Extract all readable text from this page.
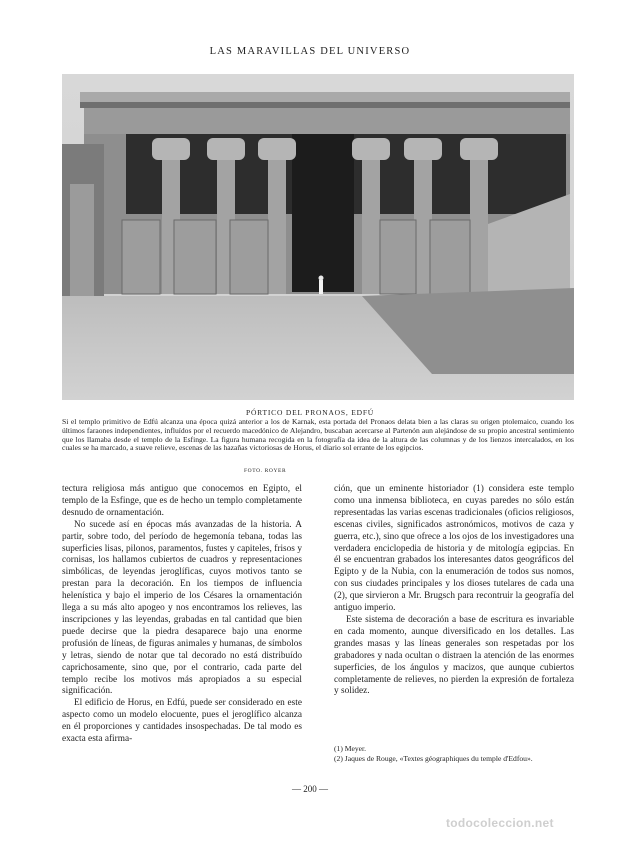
LAS MARAVILLAS DEL UNIVERSO
PÓRTICO DEL PRONAOS, EDFÚ
Si el templo primitivo de Edfú alcanza una época quizá anterior a los de Karnak, esta portada del Pronaos delata bien a las claras su origen ptolemaico, cuando los últimos faraones independientes, influídos por el recuerdo macedónico de Alejandro, buscaban acercarse al Partenón aun alejándose de su propio ancestral sentimiento que los llamaba desde el templo de la Esfinge. La figura humana recogida en la fotografía da idea de la altura de las columnas y de los lienzos intercalados, en los cuales se ha marcado, a suave relieve, escenas de las hazañas victoriosas de Horus, el diario sol errante de los egipcios.
FOTO. ROYER

tectura religiosa más antiguo que conocemos en Egipto, el templo de la Esfinge, que es de hecho un templo completamente desnudo de ornamentación.

No sucede así en épocas más avanzadas de la historia. A partir, sobre todo, del período de hegemonía tebana, todas las superficies lisas, pilonos, paramentos, fustes y capiteles, frisos y cornisas, los hallamos cubiertos de cuadros y representaciones simbólicas, de leyendas jeroglíficas, cuyos motivos tanto se prestan para la decoración. En los tiempos de influencia helenística y bajo el imperio de los Césares la ornamentación llega a su más alto apogeo y nos encontramos los relieves, las inscripciones y las leyendas, grabadas en tal cantidad que bien puede decirse que la piedra desaparece bajo una enorme profusión de líneas, de figuras animales y humanas, de símbolos y letras, siendo de notar que tal decorado no está distribuído caprichosamente, sino que, por el contrario, cada parte del templo recibe los motivos más apropiados a su especial significación.

El edificio de Horus, en Edfú, puede ser considerado en este aspecto como un modelo elocuente, pues el jeroglífico alcanza en él proporciones y cantidades insospechadas. De tal modo es exacta esta afirma-

ción, que un eminente historiador (1) considera este templo como una inmensa biblioteca, en cuyas paredes no sólo están representadas las varias escenas tradicionales (oficios religiosos, escenas civiles, significados astronómicos, motivos de caza y guerra, etc.), sino que ofrece a los ojos de los investigadores una verdadera enciclopedia de historia y de mitología egipcias. En él se encuentran grabados los interesantes datos geográficos del Egipto y de la Nubia, con la enumeración de todos sus nomos, con sus ciudades principales y los dioses tutelares de cada una (2), que sirvieron a Mr. Brugsch para recontruir la geografía del antiguo imperio.

Este sistema de decoración a base de escritura es invariable en cada momento, aunque diversificado en los detalles. Las grandes masas y las líneas generales son respetadas por los grabadores y nada ocultan o distraen la atención de las enormes superficies, de los ángulos y macizos, que aunque cubiertos completamente de relieves, no pierden la expresión de fortaleza y solidez.

(1) Meyer.
(2) Jaques de Rouge, «Textes géographiques du temple d'Edfou».
— 200 —
todocoleccion.net
